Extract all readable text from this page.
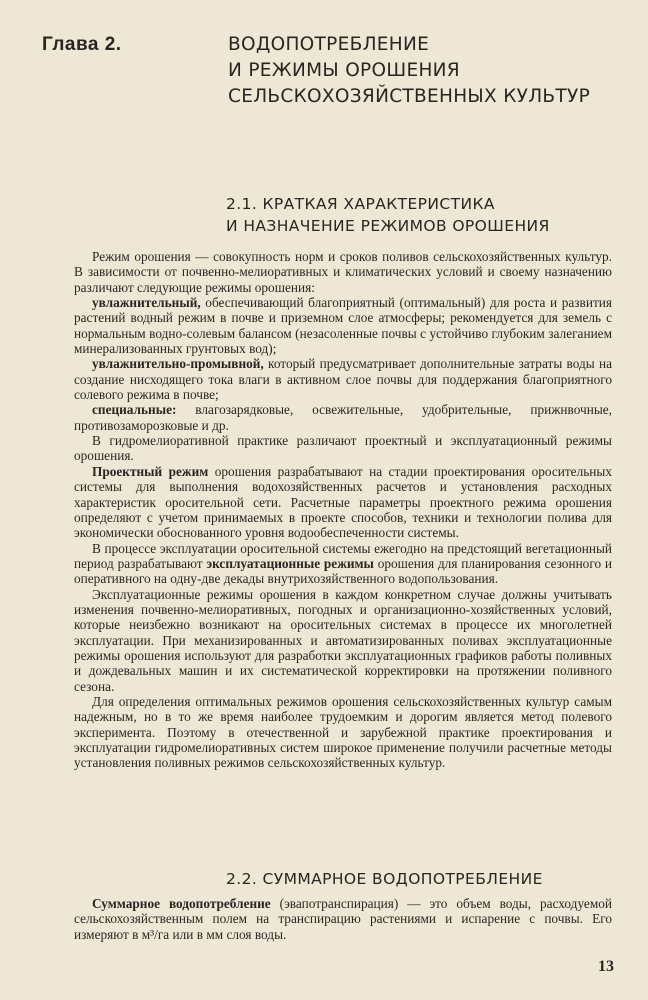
Глава 2.	ВОДОПОТРЕБЛЕНИЕ
И РЕЖИМЫ ОРОШЕНИЯ
СЕЛЬСКОХОЗЯЙСТВЕННЫХ КУЛЬТУР
2.1. КРАТКАЯ ХАРАКТЕРИСТИКА
И НАЗНАЧЕНИЕ РЕЖИМОВ ОРОШЕНИЯ

Режим орошения — совокупность норм и сроков поливов сельскохозяйственных культур. В зависимости от почвенно-мелиоративных и климатических условий и своему назначению различают следующие режимы орошения:

увлажнительный, обеспечивающий благоприятный (оптимальный) для роста и развития растений водный режим в почве и приземном слое атмосферы; рекомендуется для земель с нормальным водно-солевым балансом (незасоленные почвы с устойчиво глубоким залеганием минерализованных грунтовых вод);

увлажнительно-промывной, который предусматривает дополнительные затраты воды на создание нисходящего тока влаги в активном слое почвы для поддержания благоприятного солевого режима в почве;

специальные: влагозарядковые, освежительные, удобрительные, прижнвочные, противозаморозковые и др.

В гидромелиоративной практике различают проектный и эксплуатационный режимы орошения.

Проектный режим орошения разрабатывают на стадии проектирования оросительных системы для выполнения водохозяйственных расчетов и установления расходных характеристик оросительной сети. Расчетные параметры проектного режима орошения определяют с учетом принимаемых в проекте способов, техники и технологии полива для экономически обоснованного уровня водообеспеченности системы.

В процессе эксплуатации оросительной системы ежегодно на предстоящий вегетационный период разрабатывают эксплуатационные режимы орошения для планирования сезонного и оперативного на одну-две декады внутрихозяйственного водопользования.

Эксплуатационные режимы орошения в каждом конкретном случае должны учитывать изменения почвенно-мелиоративных, погодных и организационно-хозяйственных условий, которые неизбежно возникают на оросительных системах в процессе их многолетней эксплуатации. При механизированных и автоматизированных поливах эксплуатационные режимы орошения используют для разработки эксплуатационных графиков работы поливных и дождевальных машин и их систематической корректировки на протяжении поливного сезона.

Для определения оптимальных режимов орошения сельскохозяйственных культур самым надежным, но в то же время наиболее трудоемким и дорогим является метод полевого эксперимента. Поэтому в отечественной и зарубежной практике проектирования и эксплуатации гидромелиоративных систем широкое применение получили расчетные методы установления поливных режимов сельскохозяйственных культур.

2.2. СУММАРНОЕ ВОДОПОТРЕБЛЕНИЕ

Суммарное водопотребление (эвапотранспирация) — это объем воды, расходуемой сельскохозяйственным полем на транспирацию растениями и испарение с почвы. Его измеряют в м³/га или в мм слоя воды.

13
